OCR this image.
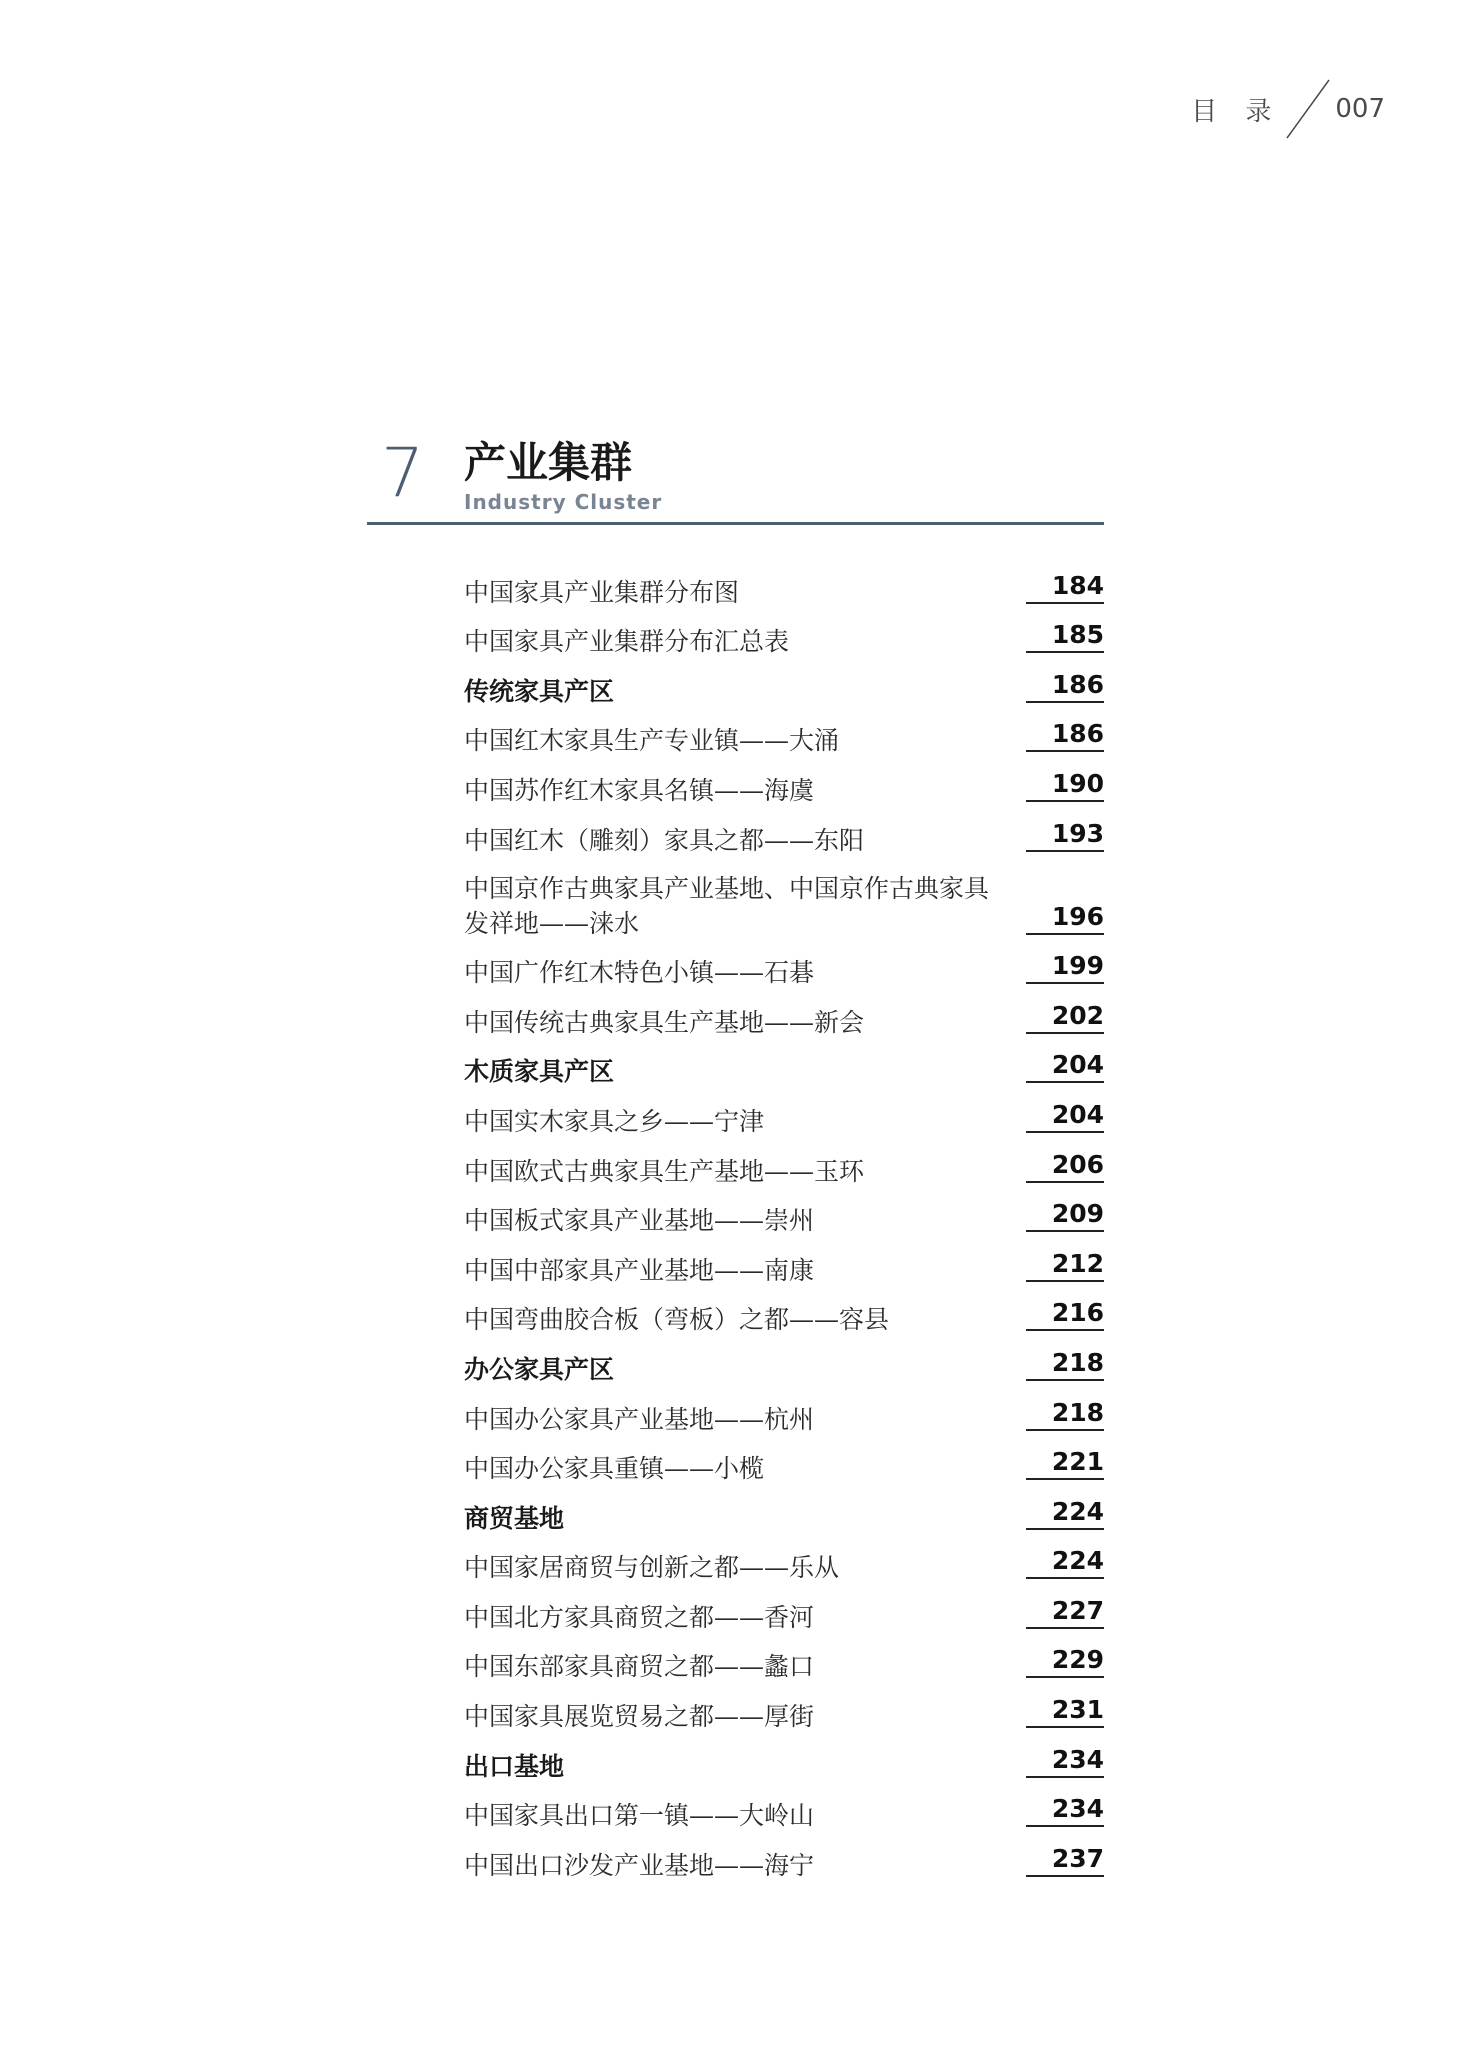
目 录 007
7 产业集群
Industry Cluster
中国家具产业集群分布图	184
中国家具产业集群分布汇总表	185
传统家具产区	186
中国红木家具生产专业镇——大涌	186
中国苏作红木家具名镇——海虞	190
中国红木（雕刻）家具之都——东阳	193
中国京作古典家具产业基地、中国京作古典家具发祥地——涞水	196
中国广作红木特色小镇——石碁	199
中国传统古典家具生产基地——新会	202
木质家具产区	204
中国实木家具之乡——宁津	204
中国欧式古典家具生产基地——玉环	206
中国板式家具产业基地——崇州	209
中国中部家具产业基地——南康	212
中国弯曲胶合板（弯板）之都——容县	216
办公家具产区	218
中国办公家具产业基地——杭州	218
中国办公家具重镇——小榄	221
商贸基地	224
中国家居商贸与创新之都——乐从	224
中国北方家具商贸之都——香河	227
中国东部家具商贸之都——蠡口	229
中国家具展览贸易之都——厚街	231
出口基地	234
中国家具出口第一镇——大岭山	234
中国出口沙发产业基地——海宁	237
